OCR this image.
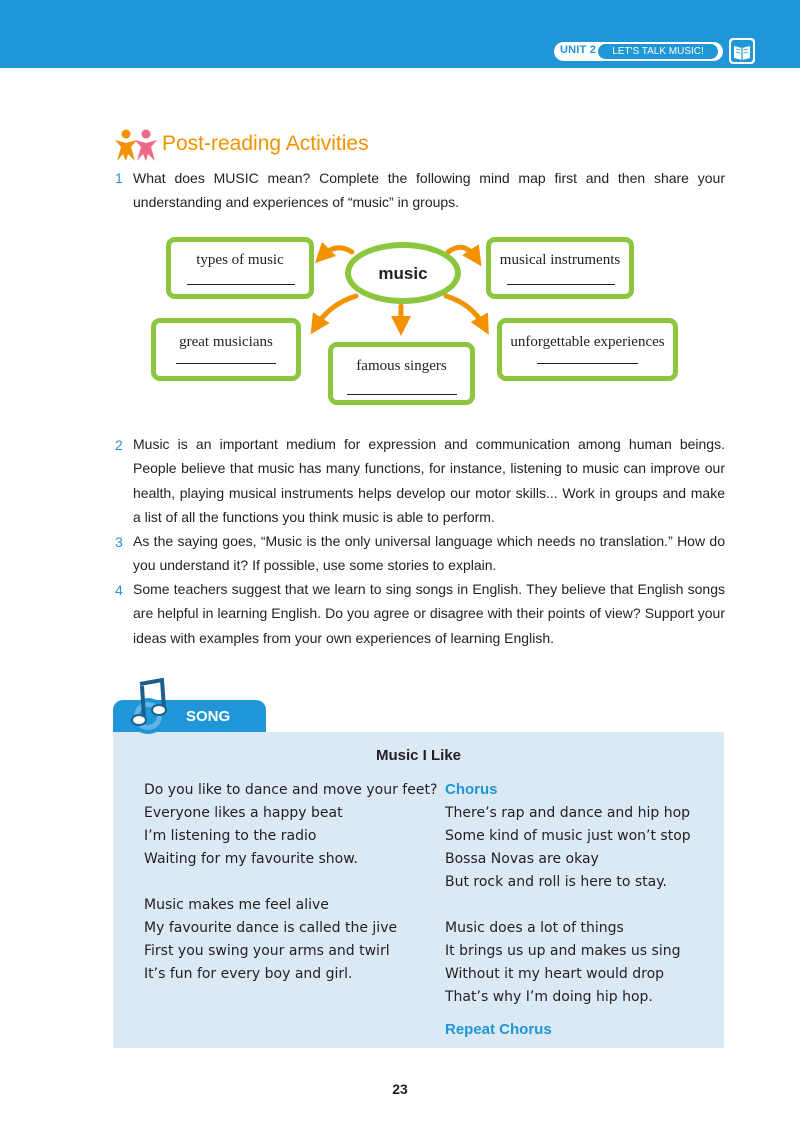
UNIT 2	LET'S TALK MUSIC!
Post-reading Activities
1 What does MUSIC mean? Complete the following mind map first and then share your understanding and experiences of “music” in groups.
types of music	musical instruments
great musicians
famous singers
unforgettable experiences
music
2 Music is an important medium for expression and communication among human beings. People believe that music has many functions, for instance, listening to music can improve our health, playing musical instruments helps develop our motor skills... Work in groups and make a list of all the functions you think music is able to perform.
3 As the saying goes, “Music is the only universal language which needs no translation.” How do you understand it? If possible, use some stories to explain.
4 Some teachers suggest that we learn to sing songs in English. They believe that English songs are helpful in learning English. Do you agree or disagree with their points of view? Support your ideas with examples from your own experiences of learning English.
Music I Like
Do you like to dance and move your feet?
Everyone likes a happy beat
I’m listening to the radio
Waiting for my favourite show.
Music makes me feel alive
My favourite dance is called the jive
First you swing your arms and twirl
It’s fun for every boy and girl.
Chorus
There’s rap and dance and hip hop
Some kind of music just won’t stop
Bossa Novas are okay
But rock and roll is here to stay.
Music does a lot of things
It brings us up and makes us sing
Without it my heart would drop
That’s why I’m doing hip hop.
Repeat Chorus
SONG
23
